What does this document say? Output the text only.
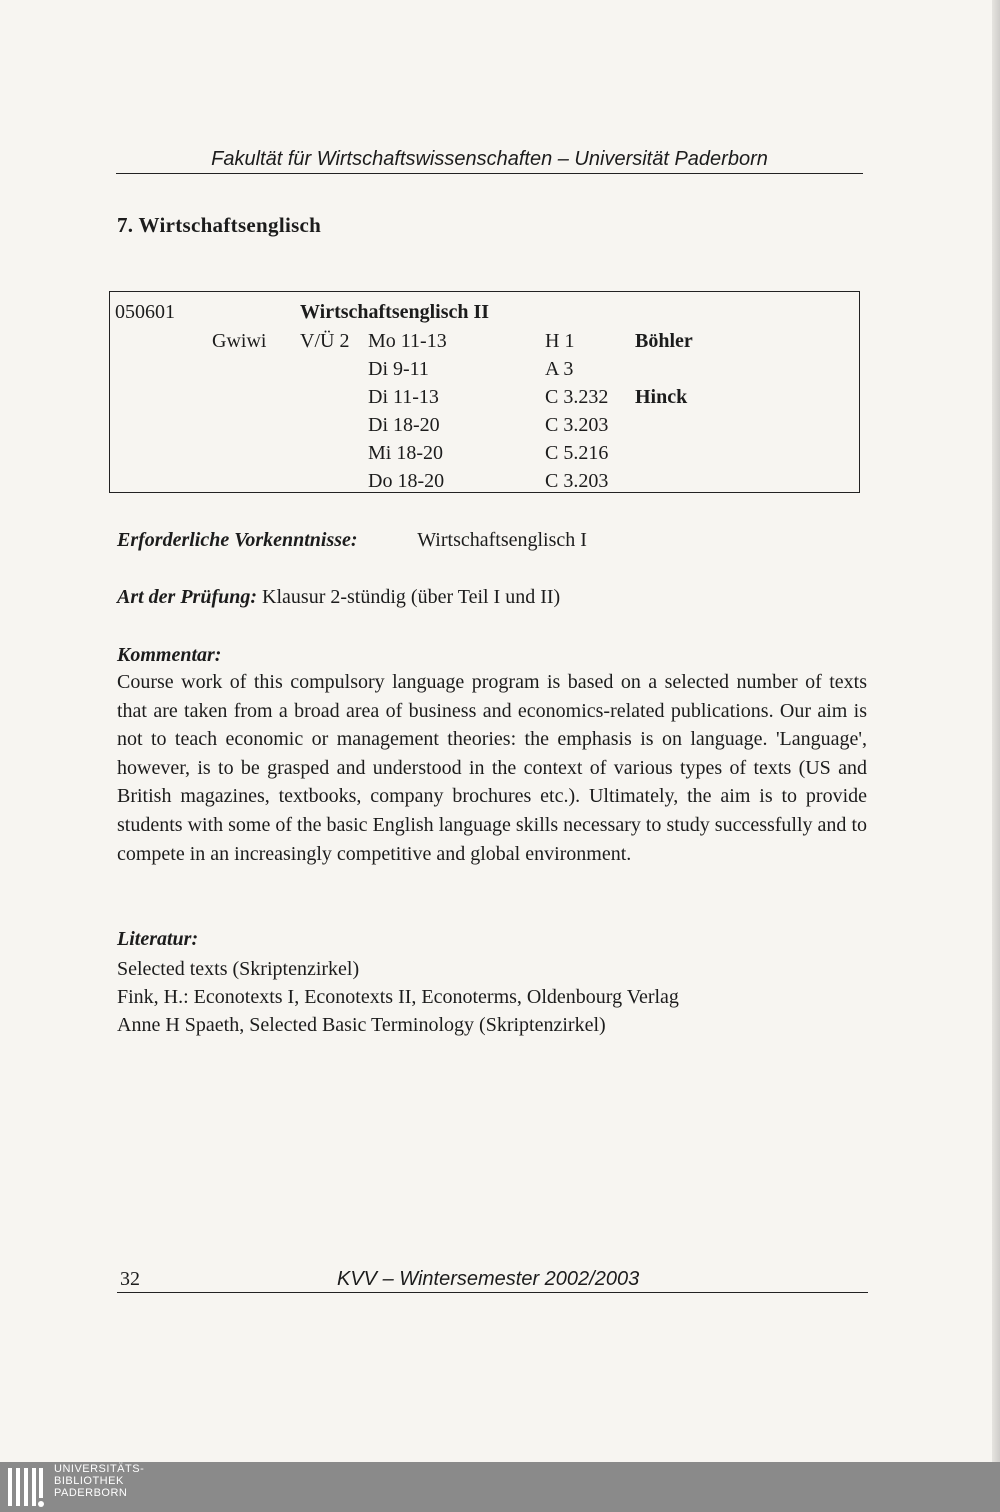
Fakultät für Wirtschaftswissenschaften – Universität Paderborn
7. Wirtschaftsenglisch
050601	Wirtschaftsenglisch II
Gwiwi V/Ü 2 Mo 11-13	H 1	Böhler
Di 9-11	A 3
Di 11-13	C 3.232 Hinck
Di 18-20	C 3.203
Mi 18-20	C 5.216
Do 18-20	C 3.203
Erforderliche Vorkenntnisse:	Wirtschaftsenglisch I
Art der Prüfung: Klausur 2-stündig (über Teil I und II)
Kommentar:
Course work of this compulsory language program is based on a selected number of texts that are taken from a broad area of business and economics-related publications. Our aim is not to teach economic or management theories: the emphasis is on language. 'Language', however, is to be grasped and understood in the context of various types of texts (US and British magazines, textbooks, company brochures etc.). Ultimately, the aim is to provide students with some of the basic English language skills necessary to study successfully and to compete in an increasingly competitive and global environment.
Literatur:
Selected texts (Skriptenzirkel)
Fink, H.: Econotexts I, Econotexts II, Econoterms, Oldenbourg Verlag
Anne H Spaeth, Selected Basic Terminology (Skriptenzirkel)
32	KVV – Wintersemester 2002/2003
UNIVERSITÄTS-
BIBLIOTHEK
PADERBORN
